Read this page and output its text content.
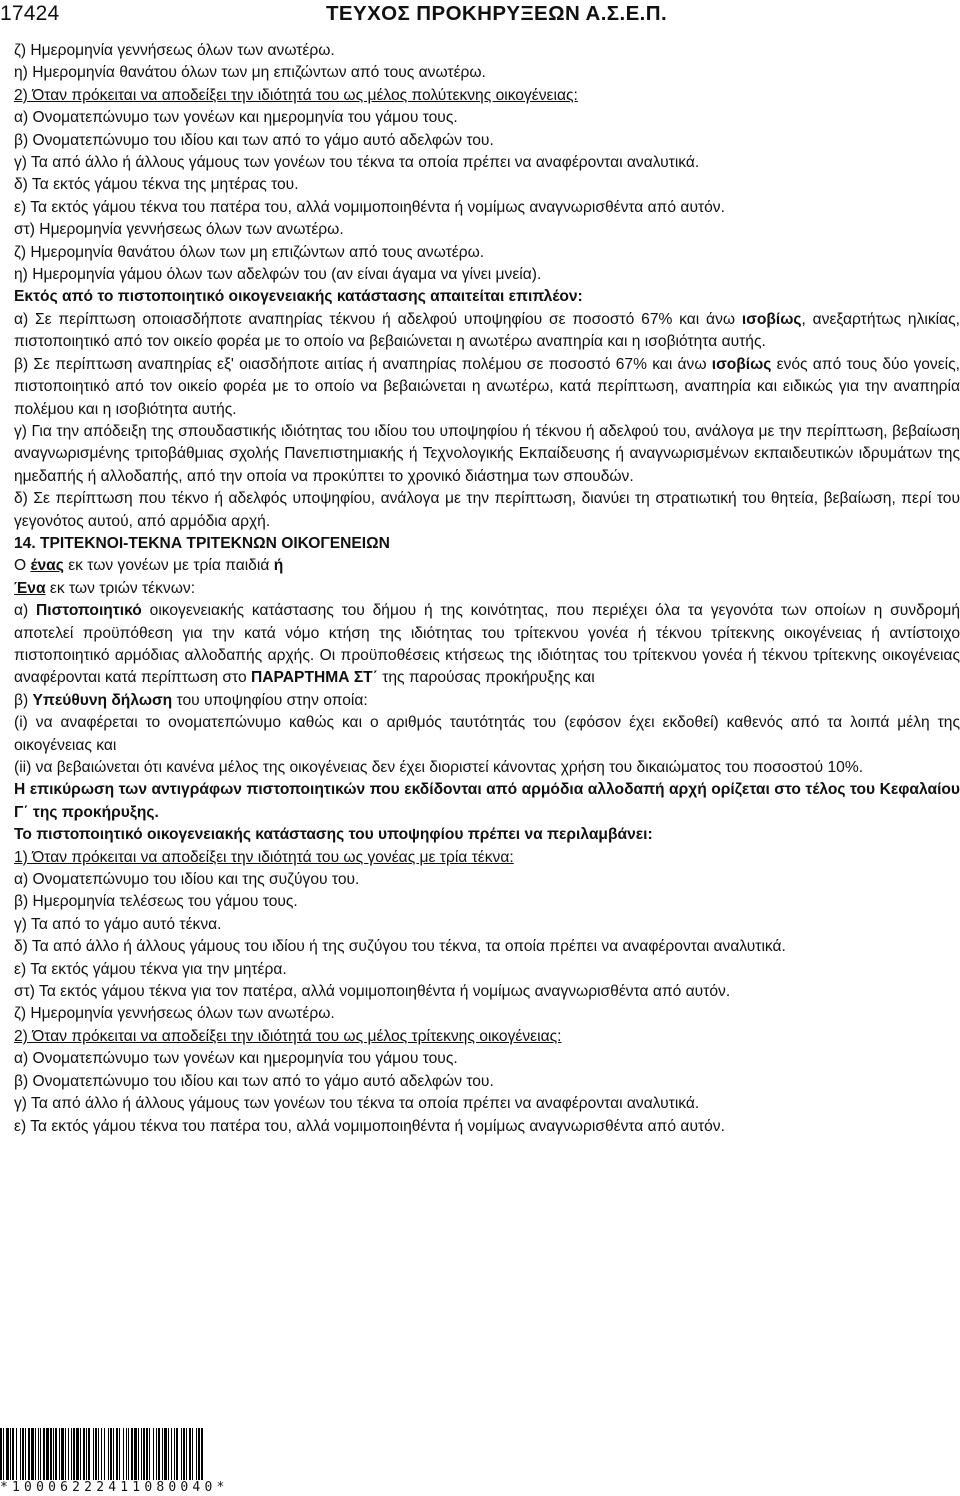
17424	ΤΕΥΧΟΣ ΠΡΟΚΗΡΥΞΕΩΝ Α.Σ.Ε.Π.

ζ) Ημερομηνία γεννήσεως όλων των ανωτέρω.

η) Ημερομηνία θανάτου όλων των μη επιζώντων από τους ανωτέρω.

2) Όταν πρόκειται να αποδείξει την ιδιότητά του ως μέλος πολύτεκνης οικογένειας:

α) Ονοματεπώνυμο των γονέων και ημερομηνία του γάμου τους.

β) Ονοματεπώνυμο του ιδίου και των από το γάμο αυτό αδελφών του.

γ) Τα από άλλο ή άλλους γάμους των γονέων του τέκνα τα οποία πρέπει να αναφέρονται αναλυτικά.

δ) Τα εκτός γάμου τέκνα της μητέρας του.

ε) Τα εκτός γάμου τέκνα του πατέρα του, αλλά νομιμοποιηθέντα ή νομίμως αναγνωρισθέντα από αυτόν.

στ) Ημερομηνία γεννήσεως όλων των ανωτέρω.

ζ) Ημερομηνία θανάτου όλων των μη επιζώντων από τους ανωτέρω.

η) Ημερομηνία γάμου όλων των αδελφών του (αν είναι άγαμα να γίνει μνεία).

Εκτός από το πιστοποιητικό οικογενειακής κατάστασης απαιτείται επιπλέον:

α) Σε περίπτωση οποιασδήποτε αναπηρίας τέκνου ή αδελφού υποψηφίου σε ποσοστό 67% και άνω ισοβίως, ανεξαρτήτως ηλικίας, πιστοποιητικό από τον οικείο φορέα με το οποίο να βεβαιώνεται η ανωτέρω αναπηρία και η ισοβιότητα αυτής.

β) Σε περίπτωση αναπηρίας εξ' οιασδήποτε αιτίας ή αναπηρίας πολέμου σε ποσοστό 67% και άνω ισοβίως ενός από τους δύο γονείς, πιστοποιητικό από τον οικείο φορέα με το οποίο να βεβαιώνεται η ανωτέρω, κατά περίπτωση, αναπηρία και ειδικώς για την αναπηρία πολέμου και η ισοβιότητα αυτής.

γ) Για την απόδειξη της σπουδαστικής ιδιότητας του ιδίου του υποψηφίου ή τέκνου ή αδελφού του, ανάλογα με την περίπτωση, βεβαίωση αναγνωρισμένης τριτοβάθμιας σχολής Πανεπιστημιακής ή Τεχνολογικής Εκπαίδευσης ή αναγνωρισμένων εκπαιδευτικών ιδρυμάτων της ημεδαπής ή αλλοδαπής, από την οποία να προκύπτει το χρονικό διάστημα των σπουδών.

δ) Σε περίπτωση που τέκνο ή αδελφός υποψηφίου, ανάλογα με την περίπτωση, διανύει τη στρατιωτική του θητεία, βεβαίωση, περί του γεγονότος αυτού, από αρμόδια αρχή.

14. ΤΡΙΤΕΚΝΟΙ-ΤΕΚΝΑ ΤΡΙΤΕΚΝΩΝ ΟΙΚΟΓΕΝΕΙΩΝ

Ο ένας εκ των γονέων με τρία παιδιά ή

Ένα εκ των τριών τέκνων:

α) Πιστοποιητικό οικογενειακής κατάστασης του δήμου ή της κοινότητας, που περιέχει όλα τα γεγονότα των οποίων η συνδρομή αποτελεί προϋπόθεση για την κατά νόμο κτήση της ιδιότητας του τρίτεκνου γονέα ή τέκνου τρίτεκνης οικογένειας ή αντίστοιχο πιστοποιητικό αρμόδιας αλλοδαπής αρχής. Οι προϋποθέσεις κτήσεως της ιδιότητας του τρίτεκνου γονέα ή τέκνου τρίτεκνης οικογένειας αναφέρονται κατά περίπτωση στο ΠΑΡΑΡΤΗΜΑ ΣΤ΄ της παρούσας προκήρυξης και

β) Υπεύθυνη δήλωση του υποψηφίου στην οποία:

(i) να αναφέρεται το ονοματεπώνυμο καθώς και ο αριθμός ταυτότητάς του (εφόσον έχει εκδοθεί) καθενός από τα λοιπά μέλη της οικογένειας και

(ii) να βεβαιώνεται ότι κανένα μέλος της οικογένειας δεν έχει διοριστεί κάνοντας χρήση του δικαιώματος του ποσοστού 10%.

Η επικύρωση των αντιγράφων πιστοποιητικών που εκδίδονται από αρμόδια αλλοδαπή αρχή ορίζεται στο τέλος του Κεφαλαίου Γ΄ της προκήρυξης.

Το πιστοποιητικό οικογενειακής κατάστασης του υποψηφίου πρέπει να περιλαμβάνει:

1) Όταν πρόκειται να αποδείξει την ιδιότητά του ως γονέας με τρία τέκνα:

α) Ονοματεπώνυμο του ιδίου και της συζύγου του.

β) Ημερομηνία τελέσεως του γάμου τους.

γ) Τα από το γάμο αυτό τέκνα.

δ) Τα από άλλο ή άλλους γάμους του ιδίου ή της συζύγου του τέκνα, τα οποία πρέπει να αναφέρονται αναλυτικά.

ε) Τα εκτός γάμου τέκνα για την μητέρα.

στ) Τα εκτός γάμου τέκνα για τον πατέρα, αλλά νομιμοποιηθέντα ή νομίμως αναγνωρισθέντα από αυτόν.

ζ) Ημερομηνία γεννήσεως όλων των ανωτέρω.

2) Όταν πρόκειται να αποδείξει την ιδιότητά του ως μέλος τρίτεκνης οικογένειας:

α) Ονοματεπώνυμο των γονέων και ημερομηνία του γάμου τους.

β) Ονοματεπώνυμο του ιδίου και των από το γάμο αυτό αδελφών του.

γ) Τα από άλλο ή άλλους γάμους των γονέων του τέκνα τα οποία πρέπει να αναφέρονται αναλυτικά.

ε) Τα εκτός γάμου τέκνα του πατέρα του, αλλά νομιμοποιηθέντα ή νομίμως αναγνωρισθέντα από αυτόν.

*10006222411080040*
